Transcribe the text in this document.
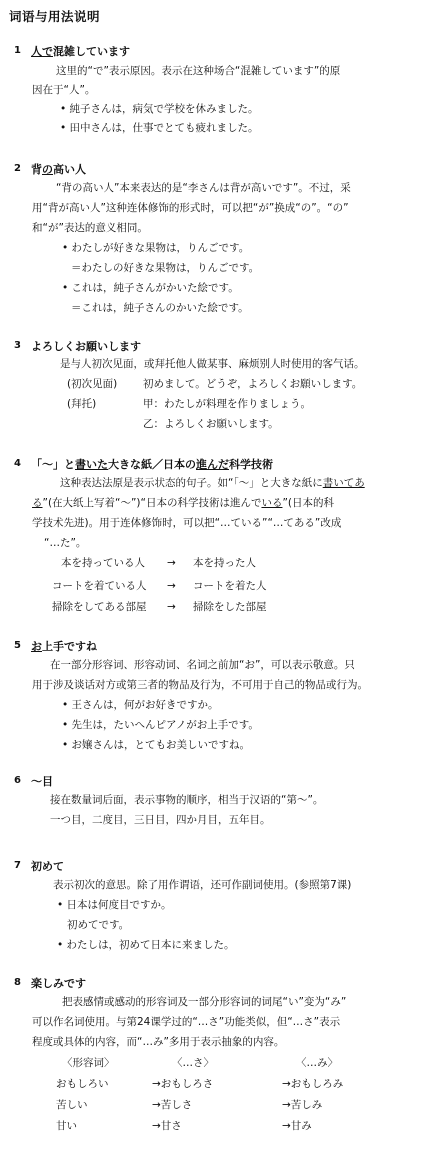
词语与用法说明
1 人で混雑しています
这里的“で”表示原因。表示在这种场合“混雑しています”的原
因在于“人”。
• 純子さんは，病気で学校を休みました。
• 田中さんは，仕事でとても疲れました。
2 背の高い人
“背の高い人”本来表达的是“李さんは背が高いです”。不过，采
用“背が高い人”这种连体修饰的形式时，可以把“が”换成“の”。“の”
和“が”表达的意义相同。
• わたしが好きな果物は，りんごです。
＝わたしの好きな果物は，りんごです。
• これは，純子さんがかいた絵です。
＝これは，純子さんのかいた絵です。
3 よろしくお願いします
是与人初次见面，或拜托他人做某事、麻烦别人时使用的客气话。
(初次见面) 初めまして。どうぞ，よろしくお願いします。
(拜托)	甲：わたしが料理を作りましょう。
乙：よろしくお願いします。
4 「～」と書いた大きな紙／日本の進んだ科学技術
这种表达法原是表示状态的句子。如“「～」と大きな紙に書いてあ
る”(在大纸上写着“～”)“日本の科学技術は進んでいる”(日本的科
学技术先进)。用于连体修饰时，可以把“…ている”“…てある”改成
“…た”。
本を持っている人 → 本を持った人
コートを着ている人 → コートを着た人
掃除をしてある部屋 → 掃除をした部屋
5 お上手ですね
在一部分形容词、形容动词、名词之前加“お”，可以表示敬意。只
用于涉及谈话对方或第三者的物品及行为，不可用于自己的物品或行为。
• 王さんは，何がお好きですか。
• 先生は，たいへんピアノがお上手です。
• お嬢さんは，とてもお美しいですね。
6 ～目
接在数量词后面，表示事物的顺序，相当于汉语的“第～”。
一つ目，二度目，三日目，四か月目，五年目。
7 初めて
表示初次的意思。除了用作谓语，还可作副词使用。(参照第7课)
• 日本は何度目ですか。
初めてです。
• わたしは，初めて日本に来ました。
8 楽しみです
把表感情或感动的形容词及一部分形容词的词尾“い”变为“み”
可以作名词使用。与第24课学过的“…さ”功能类似，但“…さ”表示
程度或具体的内容，而“…み”多用于表示抽象的内容。
〈形容词〉	〈…さ〉	〈…み〉
おもしろい	→おもしろさ	→おもしろみ
苦しい	→苦しさ	→苦しみ
甘い	→甘さ	→甘み
